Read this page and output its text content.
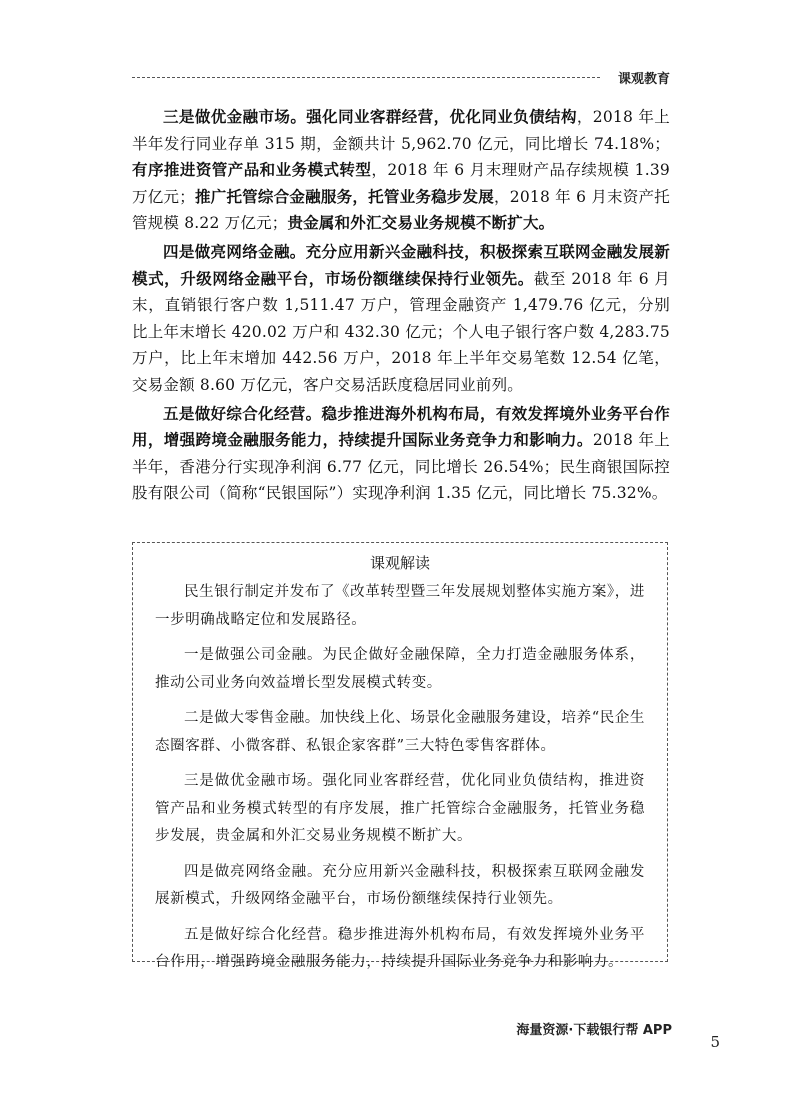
课观教育

三是做优金融市场。强化同业客群经营，优化同业负债结构，2018 年上半年发行同业存单 315 期，金额共计 5,962.70 亿元，同比增长 74.18%；有序推进资管产品和业务模式转型，2018 年 6 月末理财产品存续规模 1.39 万亿元；推广托管综合金融服务，托管业务稳步发展，2018 年 6 月末资产托管规模 8.22 万亿元；贵金属和外汇交易业务规模不断扩大。

四是做亮网络金融。充分应用新兴金融科技，积极探索互联网金融发展新模式，升级网络金融平台，市场份额继续保持行业领先。截至 2018 年 6 月末，直销银行客户数 1,511.47 万户，管理金融资产 1,479.76 亿元，分别比上年末增长 420.02 万户和 432.30 亿元；个人电子银行客户数 4,283.75 万户，比上年末增加 442.56 万户，2018 年上半年交易笔数 12.54 亿笔，交易金额 8.60 万亿元，客户交易活跃度稳居同业前列。

五是做好综合化经营。稳步推进海外机构布局，有效发挥境外业务平台作用，增强跨境金融服务能力，持续提升国际业务竞争力和影响力。2018 年上半年，香港分行实现净利润 6.77 亿元，同比增长 26.54%；民生商银国际控股有限公司（简称“民银国际”）实现净利润 1.35 亿元，同比增长 75.32%。

课观解读

民生银行制定并发布了《改革转型暨三年发展规划整体实施方案》，进一步明确战略定位和发展路径。

一是做强公司金融。为民企做好金融保障，全力打造金融服务体系，推动公司业务向效益增长型发展模式转变。

二是做大零售金融。加快线上化、场景化金融服务建设，培养“民企生态圈客群、小微客群、私银企家客群”三大特色零售客群体。

三是做优金融市场。强化同业客群经营，优化同业负债结构，推进资管产品和业务模式转型的有序发展，推广托管综合金融服务，托管业务稳步发展，贵金属和外汇交易业务规模不断扩大。

四是做亮网络金融。充分应用新兴金融科技，积极探索互联网金融发展新模式，升级网络金融平台，市场份额继续保持行业领先。

五是做好综合化经营。稳步推进海外机构布局，有效发挥境外业务平台作用，增强跨境金融服务能力，持续提升国际业务竞争力和影响力。

海量资源·下载银行帮 APP
5
